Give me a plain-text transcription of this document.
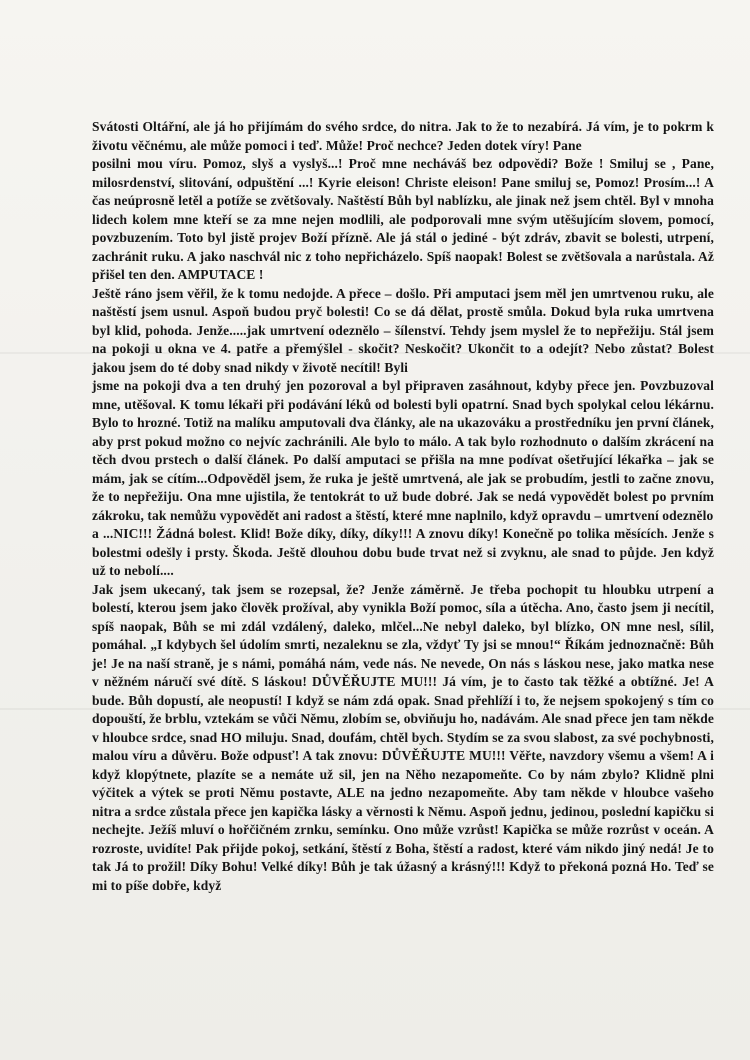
Svátosti Oltářní, ale já ho přijímám do svého srdce, do nitra. Jak to že to nezabírá. Já vím, je to pokrm k životu věčnému, ale může pomoci i teď. Může! Proč nechce? Jeden dotek víry! Pane

posilni mou víru. Pomoz, slyš a vyslyš...! Proč mne necháváš bez odpovědi? Bože ! Smiluj se , Pane, milosrdenství, slitování, odpuštění ...! Kyrie eleison! Christe eleison! Pane smiluj se, Pomoz! Prosím...! A čas neúprosně letěl a potíže se zvětšovaly. Naštěstí Bůh byl nablízku, ale jinak než jsem chtěl. Byl v mnoha lidech kolem mne kteří se za mne nejen modlili, ale podporovali mne svým utěšujícím slovem, pomocí, povzbuzením. Toto byl jistě projev Boží přízně. Ale já stál o jediné - být zdráv, zbavit se bolesti, utrpení, zachránit ruku. A jako naschvál nic z toho nepřicházelo. Spíš naopak! Bolest se zvětšovala a narůstala. Až přišel ten den. AMPUTACE !

Ještě ráno jsem věřil, že k tomu nedojde. A přece – došlo. Při amputaci jsem měl jen umrtvenou ruku, ale naštěstí jsem usnul. Aspoň budou pryč bolesti! Co se dá dělat, prostě smůla. Dokud byla ruka umrtvena byl klid, pohoda. Jenže.....jak umrtvení odeznělo – šílenství. Tehdy jsem myslel že to nepřežiju. Stál jsem na pokoji u okna ve 4. patře a přemýšlel - skočit? Neskočit? Ukončit to a odejít? Nebo zůstat? Bolest jakou jsem do té doby snad nikdy v životě necítil! Byli

jsme na pokoji dva a ten druhý jen pozoroval a byl připraven zasáhnout, kdyby přece jen. Povzbuzoval mne, utěšoval. K tomu lékaři při podávání léků od bolesti byli opatrní. Snad bych spolykal celou lékárnu. Bylo to hrozné. Totiž na malíku amputovali dva články, ale na ukazováku a prostředníku jen první článek, aby prst pokud možno co nejvíc zachránili. Ale bylo to málo. A tak bylo rozhodnuto o dalším zkrácení na těch dvou prstech o další článek. Po další amputaci se přišla na mne podívat ošetřující lékařka – jak se mám, jak se cítím...Odpověděl jsem, že ruka je ještě umrtvená, ale jak se probudím, jestli to začne znovu, že to nepřežiju. Ona mne ujistila, že tentokrát to už bude dobré. Jak se nedá vypovědět bolest po prvním zákroku, tak nemůžu vypovědět ani radost a štěstí, které mne naplnilo, když opravdu – umrtvení odeznělo

a ...NIC!!! Žádná bolest. Klid! Bože díky, díky, díky!!! A znovu díky! Konečně po tolika měsících. Jenže s bolestmi odešly i prsty. Škoda. Ještě dlouhou dobu bude trvat než si zvyknu, ale snad to půjde. Jen když už to nebolí....

Jak jsem ukecaný, tak jsem se rozepsal, že? Jenže záměrně. Je třeba pochopit tu hloubku utrpení a bolestí, kterou jsem jako člověk prožíval, aby vynikla Boží pomoc, síla a útěcha. Ano, často jsem ji necítil, spíš naopak, Bůh se mi zdál vzdálený, daleko, mlčel...Ne nebyl daleko, byl blízko, ON mne nesl, sílil, pomáhal. „I kdybych šel údolím smrti, nezaleknu se zla, vždyť Ty jsi se mnou!“ Říkám jednoznačně: Bůh je! Je na naší straně, je s námi, pomáhá nám, vede nás. Ne nevede, On nás s láskou nese, jako matka nese v něžném náručí své dítě. S láskou! DŮVĚŘUJTE MU!!! Já vím, je to často tak těžké a obtížné. Je! A bude. Bůh dopustí, ale neopustí! I když se nám zdá opak. Snad přehlíží i to, že nejsem spokojený s tím co dopouští, že brblu, vztekám se vůči Němu, zlobím se, obviňuju ho, nadávám. Ale snad přece jen tam někde v hloubce srdce, snad HO miluju. Snad, doufám, chtěl bych. Stydím se za svou slabost, za své pochybnosti, malou víru a důvěru. Bože odpusť! A tak znovu: DŮVĚŘUJTE MU!!! Věřte, navzdory všemu a všem! A i když klopýtnete, plazíte se a nemáte už sil, jen na Něho nezapomeňte. Co by nám zbylo? Klidně plni výčitek a výtek se proti Němu postavte, ALE na jedno nezapomeňte. Aby tam někde v hloubce vašeho nitra a srdce zůstala přece jen kapička lásky a věrnosti k Němu. Aspoň jednu, jedinou, poslední kapičku si nechejte. Ježíš mluví o hořčičném zrnku, semínku. Ono může vzrůst! Kapička se může rozrůst v oceán. A rozroste, uvidíte! Pak přijde pokoj, setkání, štěstí z Boha, štěstí a radost, které vám nikdo jiný nedá! Je to tak Já to prožil! Díky Bohu! Velké díky! Bůh je tak úžasný a krásný!!! Když to překoná pozná Ho. Teď se mi to píše dobře, když
